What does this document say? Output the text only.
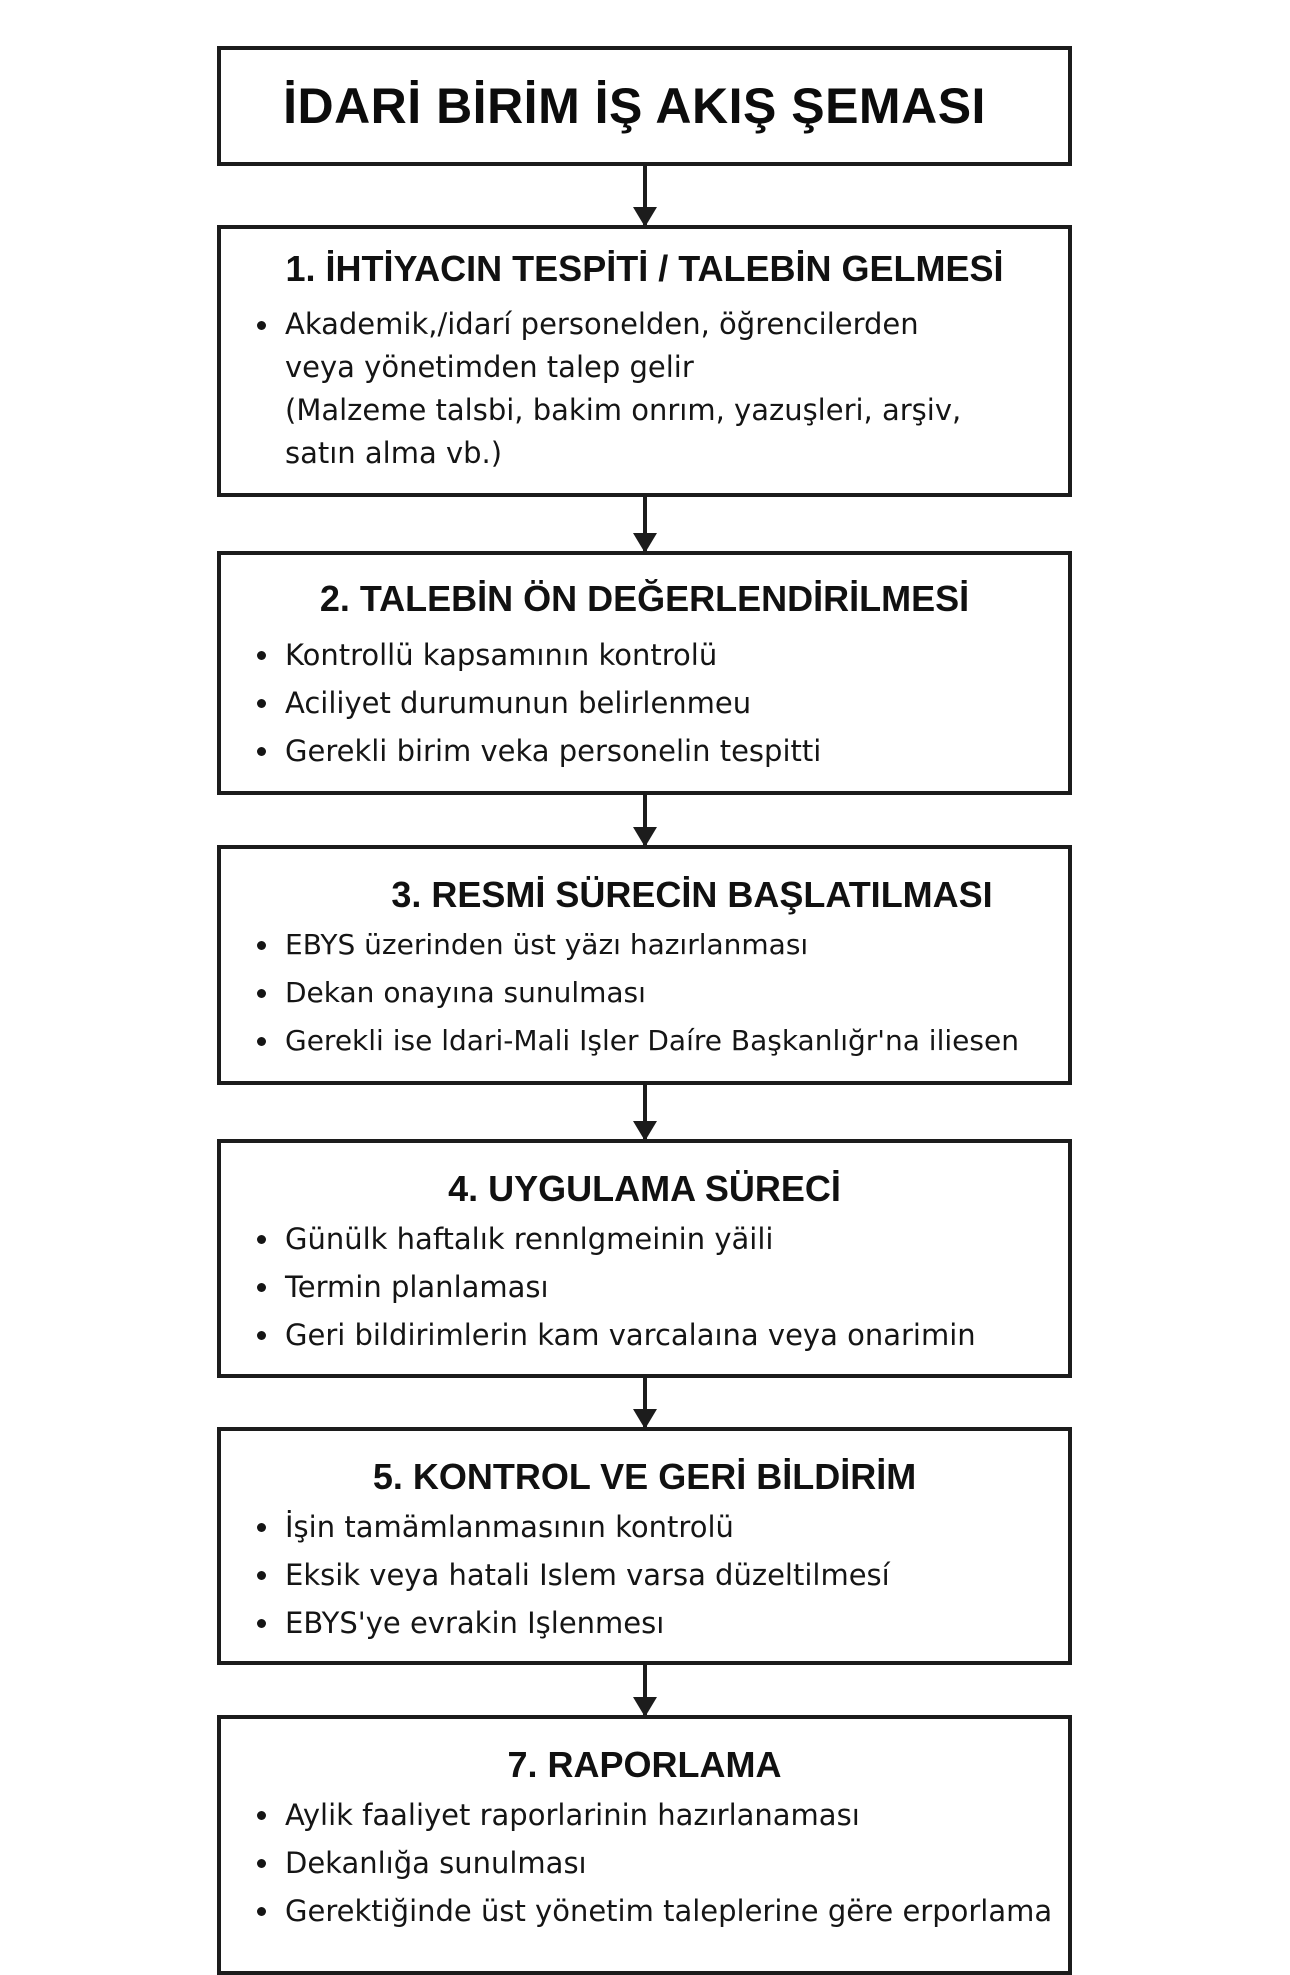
İDARİ BİRİM İŞ AKIŞ ŞEMASI
1. İHTİYACIN TESPİTİ / TALEBİN GELMESİ
Akademik,/idarí personelden, öğrencilerden
veya yönetimden talep gelir
(Malzeme talsbi, bakim onrım, yazuşleri, arşiv,
satın alma vb.)
2. TALEBİN ÖN DEĞERLENDİRİLMESİ
Kontrollü kapsamının kontrolü
Aciliyet durumunun belirlenmeu
Gerekli birim veka personelin tespitti
3. RESMİ SÜRECİN BAŞLATILMASI
EBYS üzerinden üst yäzı hazırlanması
Dekan onayına sunulması
Gerekli ise ldari-Mali Işler Daíre Başkanlığr'na iliesen
4. UYGULAMA SÜRECİ
Günülk haftalık rennlgmeinin yäili
Termin planlaması
Geri bildirimlerin kam varcalaına veya onarimin
5. KONTROL VE GERİ BİLDİRİM
İşin tamämlanmasının kontrolü
Eksik veya hatali Islem varsa düzeltilmesí
EBYS'ye evrakin Işlenmesı
7. RAPORLAMA
Aylik faaliyet raporlarinin hazırlanaması
Dekanlığa sunulması
Gerektiğinde üst yönetim taleplerine gëre erporlama
